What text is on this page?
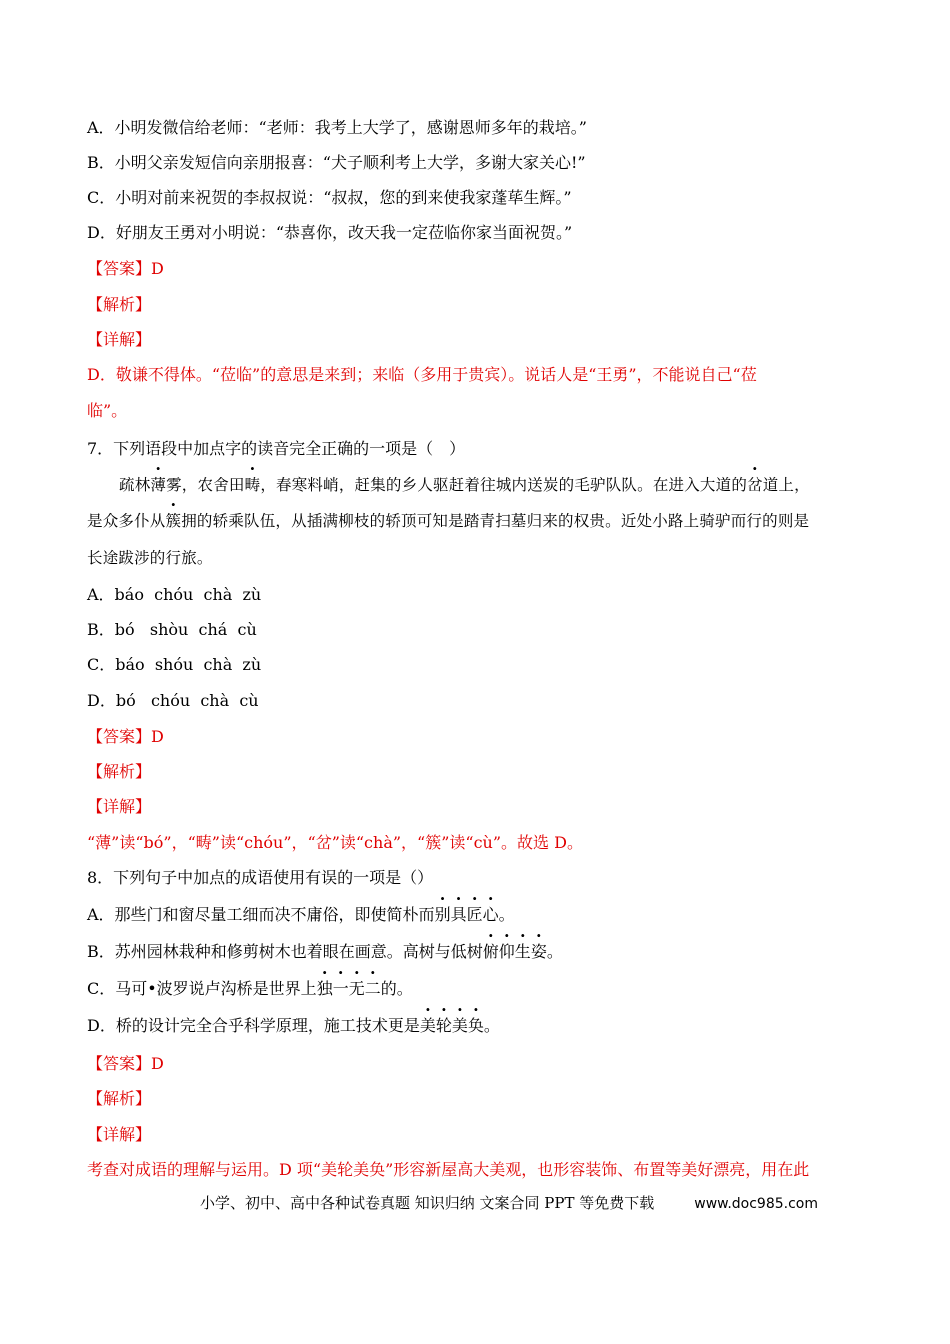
A．小明发微信给老师：“老师：我考上大学了，感谢恩师多年的栽培。”
B．小明父亲发短信向亲朋报喜：“犬子顺利考上大学，多谢大家关心!”
C．小明对前来祝贺的李叔叔说：“叔叔，您的到来使我家蓬荜生辉。”
D．好朋友王勇对小明说：“恭喜你，改天我一定莅临你家当面祝贺。”
【答案】D
【解析】
【详解】
D．敬谦不得体。“莅临”的意思是来到；来临（多用于贵宾）。说话人是“王勇”，不能说自己“莅
临”。
7．下列语段中加点字的读音完全正确的一项是（　）
疏林薄雾，农舍田畴，春寒料峭，赶集的乡人驱赶着往城内送炭的毛驴队队。在进入大道的岔道上，
是众多仆从簇拥的轿乘队伍，从插满柳枝的轿顶可知是踏青扫墓归来的权贵。近处小路上骑驴而行的则是
长途跋涉的行旅。
A．báo  chóu  chà  zù
B．bó   shòu  chá  cù
C．báo  shóu  chà  zù
D．bó   chóu  chà  cù
【答案】D
【解析】
【详解】
“薄”读“bó”，“畴”读“chóu”，“岔”读“chà”，“簇”读“cù”。故选 D。
8．下列句子中加点的成语使用有误的一项是（）
A．那些门和窗尽量工细而决不庸俗，即使简朴而别具匠心。
B．苏州园林栽种和修剪树木也着眼在画意。高树与低树俯仰生姿。
C．马可•波罗说卢沟桥是世界上独一无二的。
D．桥的设计完全合乎科学原理，施工技术更是美轮美奂。
【答案】D
【解析】
【详解】
考查对成语的理解与运用。D 项“美轮美奂”形容新屋高大美观，也形容装饰、布置等美好漂亮，用在此
小学、初中、高中各种试卷真题 知识归纳 文案合同 PPT 等免费下载	www.doc985.com
